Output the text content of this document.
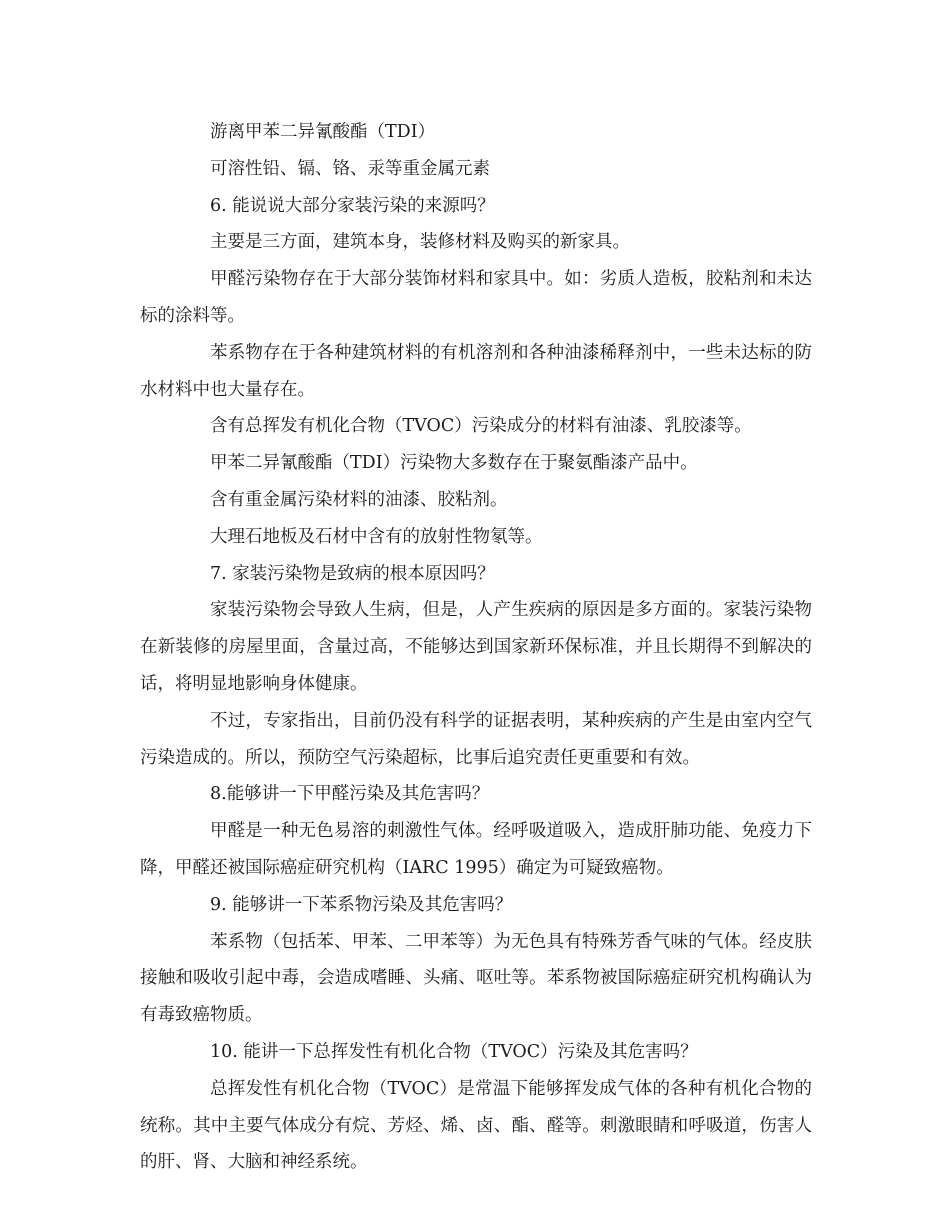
游离甲苯二异氰酸酯（TDI）

可溶性铅、镉、铬、汞等重金属元素

6. 能说说大部分家装污染的来源吗？

主要是三方面，建筑本身，装修材料及购买的新家具。

甲醛污染物存在于大部分装饰材料和家具中。如：劣质人造板，胶粘剂和未达标的涂料等。

苯系物存在于各种建筑材料的有机溶剂和各种油漆稀释剂中，一些未达标的防水材料中也大量存在。

含有总挥发有机化合物（TVOC）污染成分的材料有油漆、乳胶漆等。

甲苯二异氰酸酯（TDI）污染物大多数存在于聚氨酯漆产品中。

含有重金属污染材料的油漆、胶粘剂。

大理石地板及石材中含有的放射性物氡等。

7. 家装污染物是致病的根本原因吗？

家装污染物会导致人生病，但是，人产生疾病的原因是多方面的。家装污染物在新装修的房屋里面，含量过高，不能够达到国家新环保标准，并且长期得不到解决的话，将明显地影响身体健康。

不过，专家指出，目前仍没有科学的证据表明，某种疾病的产生是由室内空气污染造成的。所以，预防空气污染超标，比事后追究责任更重要和有效。

8.能够讲一下甲醛污染及其危害吗？

甲醛是一种无色易溶的刺激性气体。经呼吸道吸入，造成肝肺功能、免疫力下降，甲醛还被国际癌症研究机构（IARC 1995）确定为可疑致癌物。

9. 能够讲一下苯系物污染及其危害吗？

苯系物（包括苯、甲苯、二甲苯等）为无色具有特殊芳香气味的气体。经皮肤接触和吸收引起中毒，会造成嗜睡、头痛、呕吐等。苯系物被国际癌症研究机构确认为有毒致癌物质。

10. 能讲一下总挥发性有机化合物（TVOC）污染及其危害吗？

总挥发性有机化合物（TVOC）是常温下能够挥发成气体的各种有机化合物的统称。其中主要气体成分有烷、芳烃、烯、卤、酯、醛等。刺激眼睛和呼吸道，伤害人的肝、肾、大脑和神经系统。
